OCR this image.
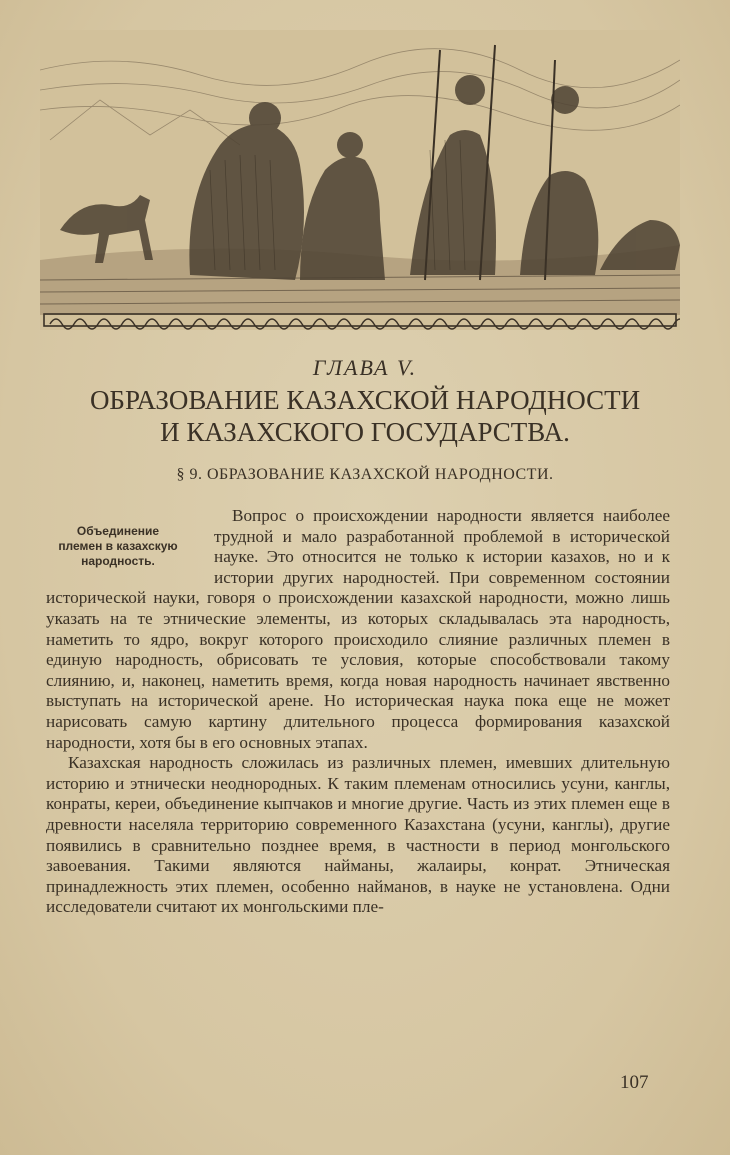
ГЛАВА V.
ОБРАЗОВАНИЕ КАЗАХСКОЙ НАРОДНОСТИ
И КАЗАХСКОГО ГОСУДАРСТВА.
§ 9. ОБРАЗОВАНИЕ КАЗАХСКОЙ НАРОДНОСТИ.
Объединение
племен в казахскую
народность.

Вопрос о происхождении народности является наиболее трудной и мало разработанной проблемой в исторической науке. Это относится не только к истории казахов, но и к истории других народностей. При современном состоянии исторической науки, говоря о происхождении казахской народности, можно лишь указать на те этнические элементы, из которых складывалась эта народность, наметить то ядро, вокруг которого происходило слияние различных племен в единую народность, обрисовать те условия, которые способствовали такому слиянию, и, наконец, наметить время, когда новая народность начинает явственно выступать на исторической арене. Но историческая наука пока еще не может нарисовать самую картину длительного процесса формирования казахской народности, хотя бы в его основных этапах.

Казахская народность сложилась из различных племен, имевших длительную историю и этнически неоднородных. К таким племенам относились усуни, канглы, конраты, кереи, объединение кыпчаков и многие другие. Часть из этих племен еще в древности населяла территорию современного Казахстана (усуни, канглы), другие появились в сравнительно позднее время, в частности в период монгольского завоевания. Такими являются найманы, жалаиры, конрат. Этническая принадлежность этих племен, особенно найманов, в науке не установлена. Одни исследователи считают их монгольскими пле-

107
